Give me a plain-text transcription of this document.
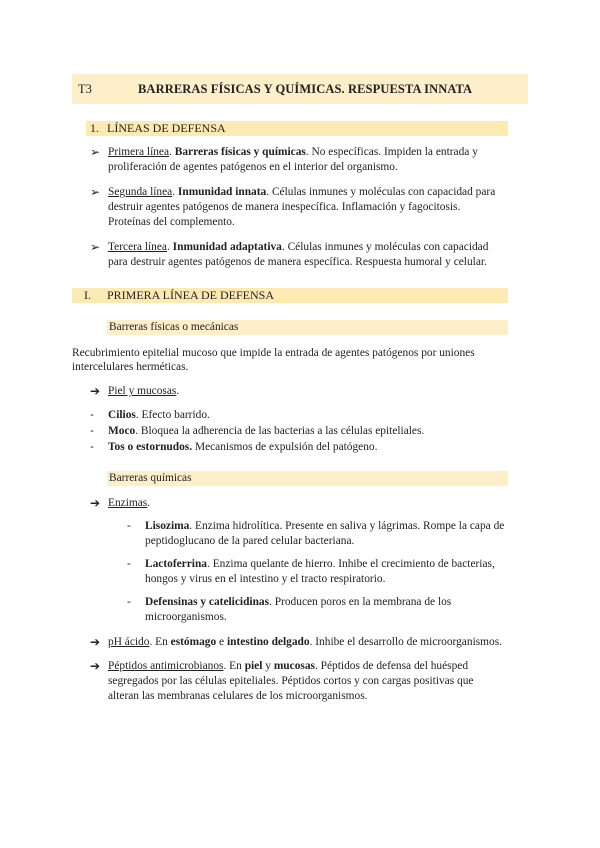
T3	BARRERAS FÍSICAS Y QUÍMICAS. RESPUESTA INNATA
1. LÍNEAS DE DEFENSA
➢ Primera línea. Barreras físicas y químicas. No específicas. Impiden la entrada y
proliferación de agentes patógenos en el interior del organismo.
➢ Segunda línea. Inmunidad innata. Células inmunes y moléculas con capacidad para
destruir agentes patógenos de manera inespecífica. Inflamación y fagocitosis.
Proteínas del complemento.
➢ Tercera línea. Inmunidad adaptativa. Células inmunes y moléculas con capacidad
para destruir agentes patógenos de manera específica. Respuesta humoral y celular.
I. PRIMERA LÍNEA DE DEFENSA
Barreras físicas o mecánicas
Recubrimiento epitelial mucoso que impide la entrada de agentes patógenos por uniones
intercelulares herméticas.
➔ Piel y mucosas.
- Cilios. Efecto barrido.
- Moco. Bloquea la adherencia de las bacterias a las células epiteliales.
- Tos o estornudos. Mecanismos de expulsión del patógeno.
Barreras químicas
➔ Enzimas.
- Lisozima. Enzima hidrolítica. Presente en saliva y lágrimas. Rompe la capa de
peptidoglucano de la pared celular bacteriana.
- Lactoferrina. Enzima quelante de hierro. Inhibe el crecimiento de bacterias,
hongos y virus en el intestino y el tracto respiratorio.
- Defensinas y catelicidinas. Producen poros en la membrana de los
microorganismos.
➔ pH ácido. En estómago e intestino delgado. Inhibe el desarrollo de microorganismos.
➔ Péptidos antimicrobianos. En piel y mucosas. Péptidos de defensa del huésped
segregados por las células epiteliales. Péptidos cortos y con cargas positivas que
alteran las membranas celulares de los microorganismos.
